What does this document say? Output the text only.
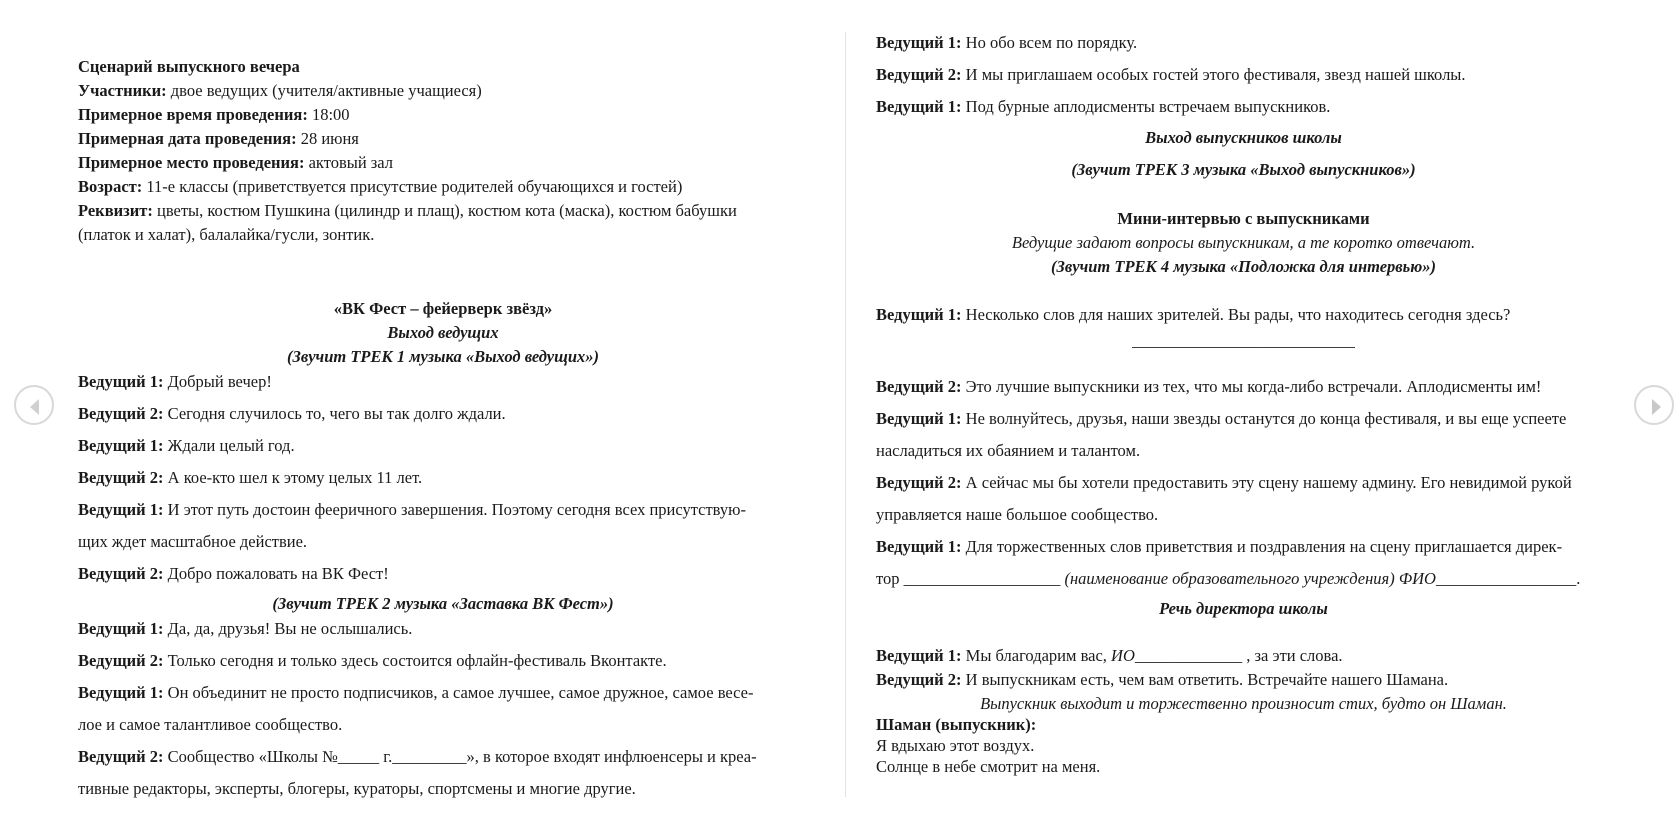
Сценарий выпускного вечера
Участники: двое ведущих (учителя/активные учащиеся)
Примерное время проведения: 18:00
Примерная дата проведения: 28 июня
Примерное место проведения: актовый зал
Возраст: 11-е классы (приветствуется присутствие родителей обучающихся и гостей)
Реквизит: цветы, костюм Пушкина (цилиндр и плащ), костюм кота (маска), костюм бабушки
(платок и халат), балалайка/гусли, зонтик.
«ВК Фест – фейерверк звёзд»
Выход ведущих
(Звучит ТРЕК 1 музыка «Выход ведущих»)
Ведущий 1: Добрый вечер!
Ведущий 2: Сегодня случилось то, чего вы так долго ждали.
Ведущий 1: Ждали целый год.
Ведущий 2: А кое-кто шел к этому целых 11 лет.
Ведущий 1: И этот путь достоин фееричного завершения. Поэтому сегодня всех присутствую-
щих ждет масштабное действие.
Ведущий 2: Добро пожаловать на ВК Фест!
(Звучит ТРЕК 2 музыка «Заставка ВК Фест»)
Ведущий 1: Да, да, друзья! Вы не ослышались.
Ведущий 2: Только сегодня и только здесь состоится офлайн-фестиваль Вконтакте.
Ведущий 1: Он объединит не просто подписчиков, а самое лучшее, самое дружное, самое весе-
лое и самое талантливое сообщество.
Ведущий 2: Сообщество «Школы №_____ г._________», в которое входят инфлюенсеры и креа-
тивные редакторы, эксперты, блогеры, кураторы, спортсмены и многие другие.
Ведущий 1: Но обо всем по порядку.
Ведущий 2: И мы приглашаем особых гостей этого фестиваля, звезд нашей школы.
Ведущий 1: Под бурные аплодисменты встречаем выпускников.
Выход выпускников школы
(Звучит ТРЕК 3 музыка «Выход выпускников»)
Мини-интервью с выпускниками
Ведущие задают вопросы выпускникам, а те коротко отвечают.
(Звучит ТРЕК 4 музыка «Подложка для интервью»)
Ведущий 1: Несколько слов для наших зрителей. Вы рады, что находитесь сегодня здесь?
___________________________
Ведущий 2: Это лучшие выпускники из тех, что мы когда-либо встречали. Аплодисменты им!
Ведущий 1: Не волнуйтесь, друзья, наши звезды останутся до конца фестиваля, и вы еще успеете
насладиться их обаянием и талантом.
Ведущий 2: А сейчас мы бы хотели предоставить эту сцену нашему админу. Его невидимой рукой
управляется наше большое сообщество.
Ведущий 1: Для торжественных слов приветствия и поздравления на сцену приглашается дирек-
тор ___________________ (наименование образовательного учреждения) ФИО_________________.
Речь директора школы
Ведущий 1: Мы благодарим вас, ИО_____________ , за эти слова.
Ведущий 2: И выпускникам есть, чем вам ответить. Встречайте нашего Шамана.
Выпускник выходит и торжественно произносит стих, будто он Шаман.
Шаман (выпускник):
Я вдыхаю этот воздух.
Солнце в небе смотрит на меня.
